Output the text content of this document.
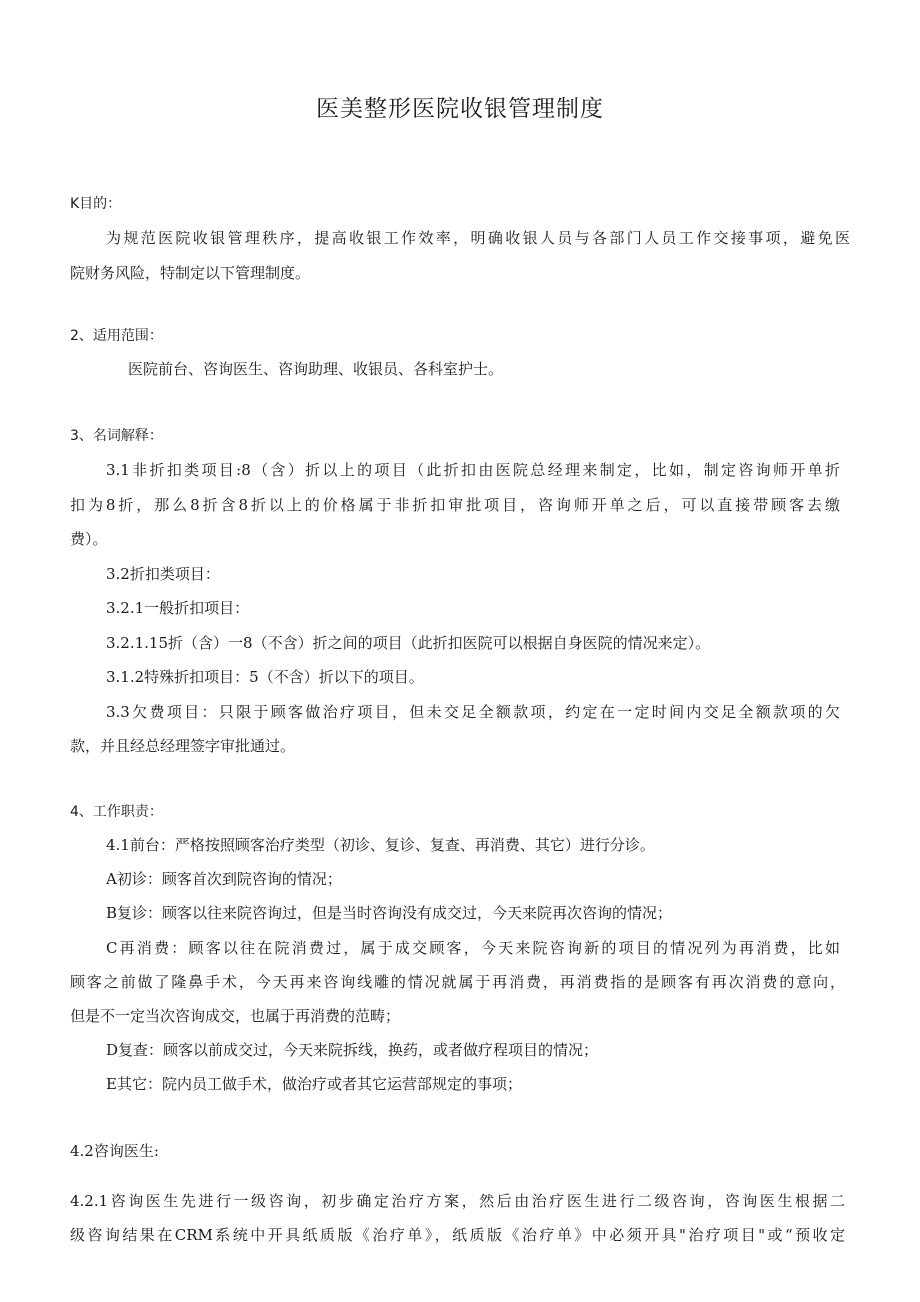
医美整形医院收银管理制度
K目的：
为规范医院收银管理秩序，提高收银工作效率，明确收银人员与各部门人员工作交接事项，避免医
院财务风险，特制定以下管理制度。
2、适用范围：
医院前台、咨询医生、咨询助理、收银员、各科室护士。
3、名词解释：
3.1非折扣类项目:8（含）折以上的项目（此折扣由医院总经理来制定，比如，制定咨询师开单折
扣为8折，那么8折含8折以上的价格属于非折扣审批项目，咨询师开单之后，可以直接带顾客去缴
费）。
3.2折扣类项目：
3.2.1一般折扣项目：
3.2.1.15折（含）一8（不含）折之间的项目（此折扣医院可以根据自身医院的情况来定）。
3.1.2特殊折扣项目：5（不含）折以下的项目。
3.3欠费项目：只限于顾客做治疗项目，但未交足全额款项，约定在一定时间内交足全额款项的欠
款，并且经总经理签字审批通过。
4、工作职责：
4.1前台：严格按照顾客治疗类型（初诊、复诊、复查、再消费、其它）进行分诊。
A初诊：顾客首次到院咨询的情况；
B复诊：顾客以往来院咨询过，但是当时咨询没有成交过，今天来院再次咨询的情况；
C再消费：顾客以往在院消费过，属于成交顾客，今天来院咨询新的项目的情况列为再消费，比如
顾客之前做了隆鼻手术，今天再来咨询线雕的情况就属于再消费，再消费指的是顾客有再次消费的意向，
但是不一定当次咨询成交，也属于再消费的范畴；
D复查：顾客以前成交过，今天来院拆线，换药，或者做疗程项目的情况；
E其它：院内员工做手术，做治疗或者其它运营部规定的事项；
4.2咨询医生:
4.2.1咨询医生先进行一级咨询，初步确定治疗方案，然后由治疗医生进行二级咨询，咨询医生根据二
级咨询结果在CRM系统中开具纸质版《治疗单》，纸质版《治疗单》中必须开具"治疗项目"或“预收定
